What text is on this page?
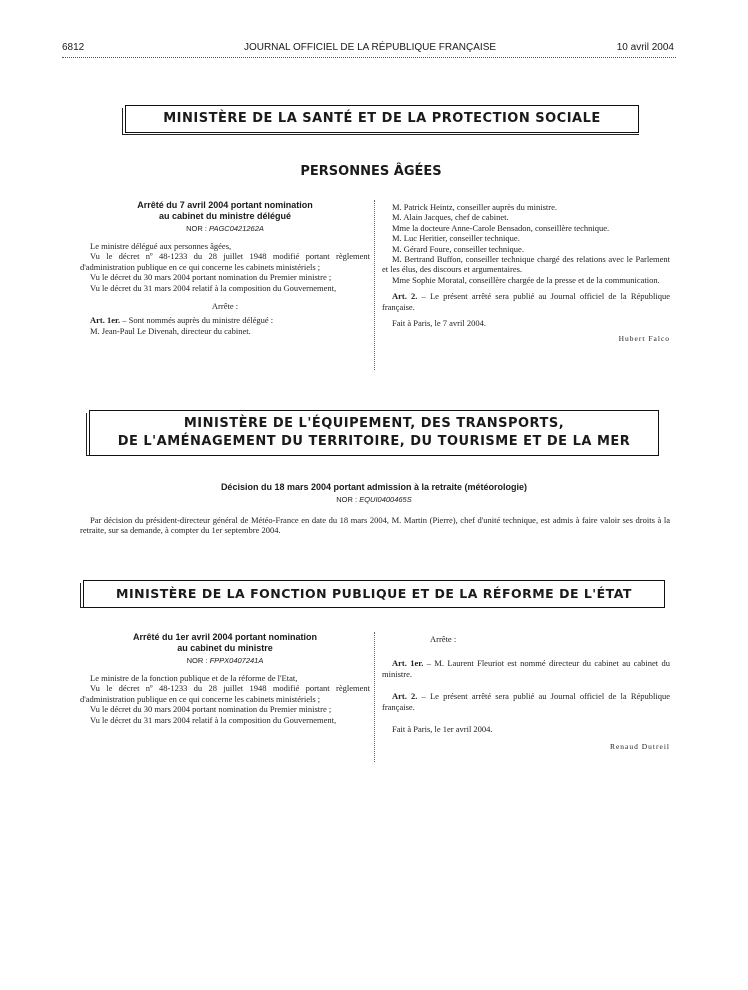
6812	JOURNAL OFFICIEL DE LA RÉPUBLIQUE FRANÇAISE	10 avril 2004
MINISTÈRE DE LA SANTÉ ET DE LA PROTECTION SOCIALE
PERSONNES ÂGÉES
Arrêté du 7 avril 2004 portant nomination
au cabinet du ministre délégué
NOR : PAGC0421262A

Le ministre délégué aux personnes âgées,

Vu le décret nº 48-1233 du 28 juillet 1948 modifié portant règlement d'administration publique en ce qui concerne les cabinets ministériels ;

Vu le décret du 30 mars 2004 portant nomination du Premier ministre ;

Vu le décret du 31 mars 2004 relatif à la composition du Gouvernement,

Arrête :

Art. 1er. – Sont nommés auprès du ministre délégué :

M. Jean-Paul Le Divenah, directeur du cabinet.

M. Patrick Heintz, conseiller auprès du ministre.

M. Alain Jacques, chef de cabinet.

Mme la docteure Anne-Carole Bensadon, conseillère technique.

M. Luc Heritier, conseiller technique.

M. Gérard Foure, conseiller technique.

M. Bertrand Buffon, conseiller technique chargé des relations avec le Parlement et les élus, des discours et argumentaires.

Mme Sophie Moratal, conseillère chargée de la presse et de la communication.

Art. 2. – Le présent arrêté sera publié au Journal officiel de la République française.

Fait à Paris, le 7 avril 2004.

Hubert Falco
MINISTÈRE DE L'ÉQUIPEMENT, DES TRANSPORTS,
DE L'AMÉNAGEMENT DU TERRITOIRE, DU TOURISME ET DE LA MER
Décision du 18 mars 2004 portant admission à la retraite (météorologie)
NOR : EQUI0400465S

Par décision du président-directeur général de Météo-France en date du 18 mars 2004, M. Martin (Pierre), chef d'unité technique, est admis à faire valoir ses droits à la retraite, sur sa demande, à compter du 1er septembre 2004.

MINISTÈRE DE LA FONCTION PUBLIQUE ET DE LA RÉFORME DE L'ÉTAT
Arrêté du 1er avril 2004 portant nomination
au cabinet du ministre
NOR : FPPX0407241A

Le ministre de la fonction publique et de la réforme de l'Etat,

Vu le décret nº 48-1233 du 28 juillet 1948 modifié portant règlement d'administration publique en ce qui concerne les cabinets ministériels ;

Vu le décret du 30 mars 2004 portant nomination du Premier ministre ;

Vu le décret du 31 mars 2004 relatif à la composition du Gouvernement,

Arrête :

Art. 1er. – M. Laurent Fleuriot est nommé directeur du cabinet au cabinet du ministre.

Art. 2. – Le présent arrêté sera publié au Journal officiel de la République française.

Fait à Paris, le 1er avril 2004.

Renaud Dutreil
